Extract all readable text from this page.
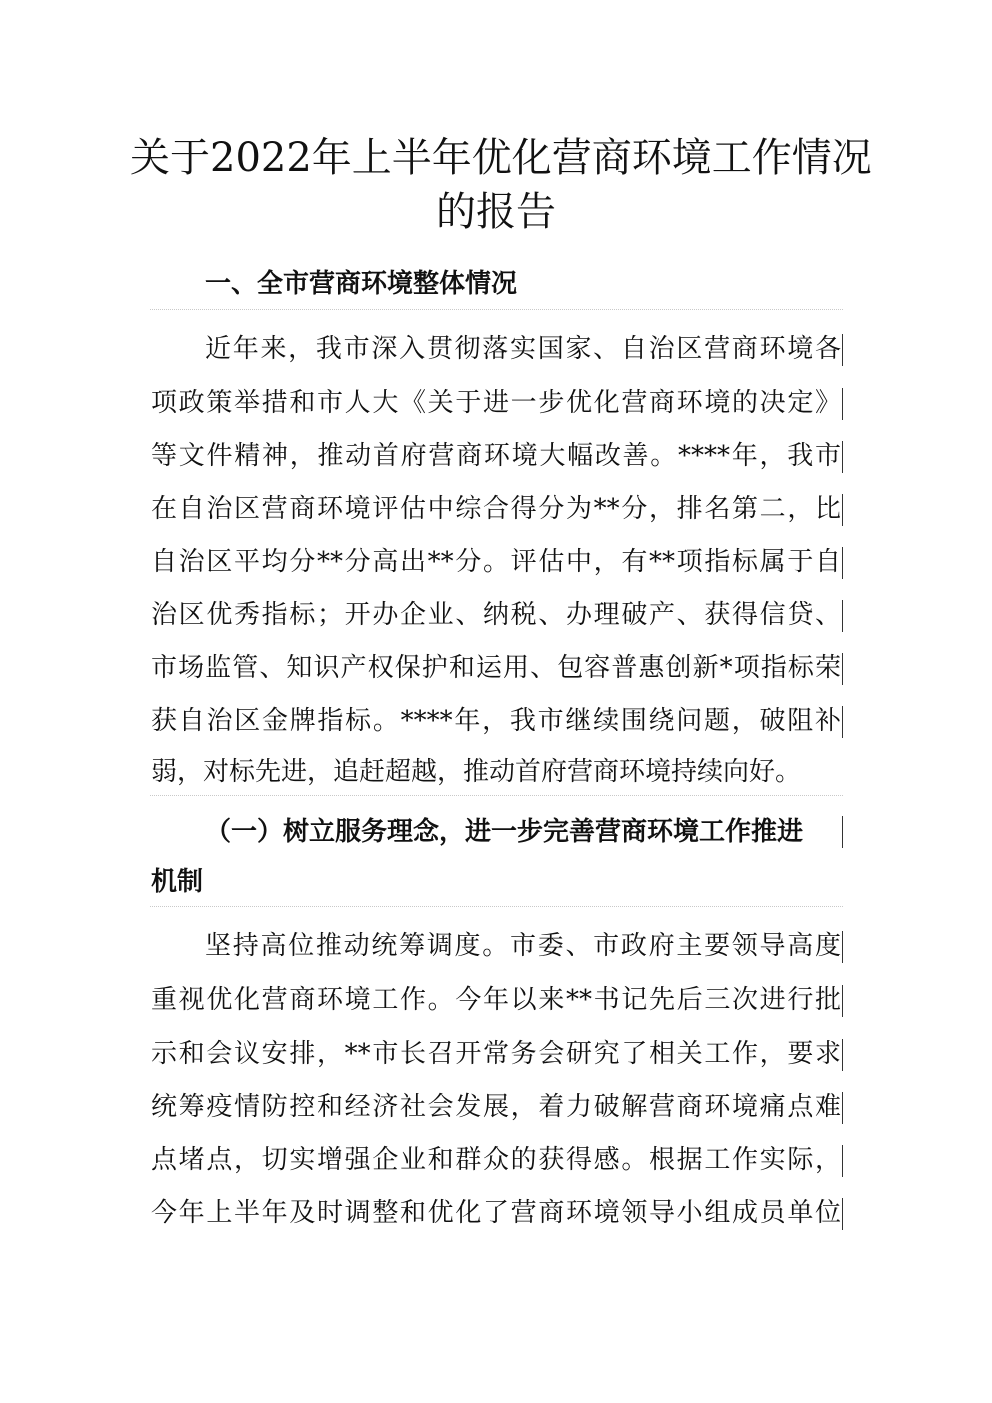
关于2022年上半年优化营商环境工作情况
的报告
一、全市营商环境整体情况
近年来，我市深入贯彻落实国家、自治区营商环境各
项政策举措和市人大《关于进一步优化营商环境的决定》
等文件精神，推动首府营商环境大幅改善。****年，我市
在自治区营商环境评估中综合得分为**分，排名第二，比
自治区平均分**分高出**分。评估中，有**项指标属于自
治区优秀指标；开办企业、纳税、办理破产、获得信贷、
市场监管、知识产权保护和运用、包容普惠创新*项指标荣
获自治区金牌指标。****年，我市继续围绕问题，破阻补
弱，对标先进，追赶超越，推动首府营商环境持续向好。
（一）树立服务理念，进一步完善营商环境工作推进
机制
坚持高位推动统筹调度。市委、市政府主要领导高度
重视优化营商环境工作。今年以来**书记先后三次进行批
示和会议安排，**市长召开常务会研究了相关工作，要求
统筹疫情防控和经济社会发展，着力破解营商环境痛点难
点堵点，切实增强企业和群众的获得感。根据工作实际，
今年上半年及时调整和优化了营商环境领导小组成员单位
